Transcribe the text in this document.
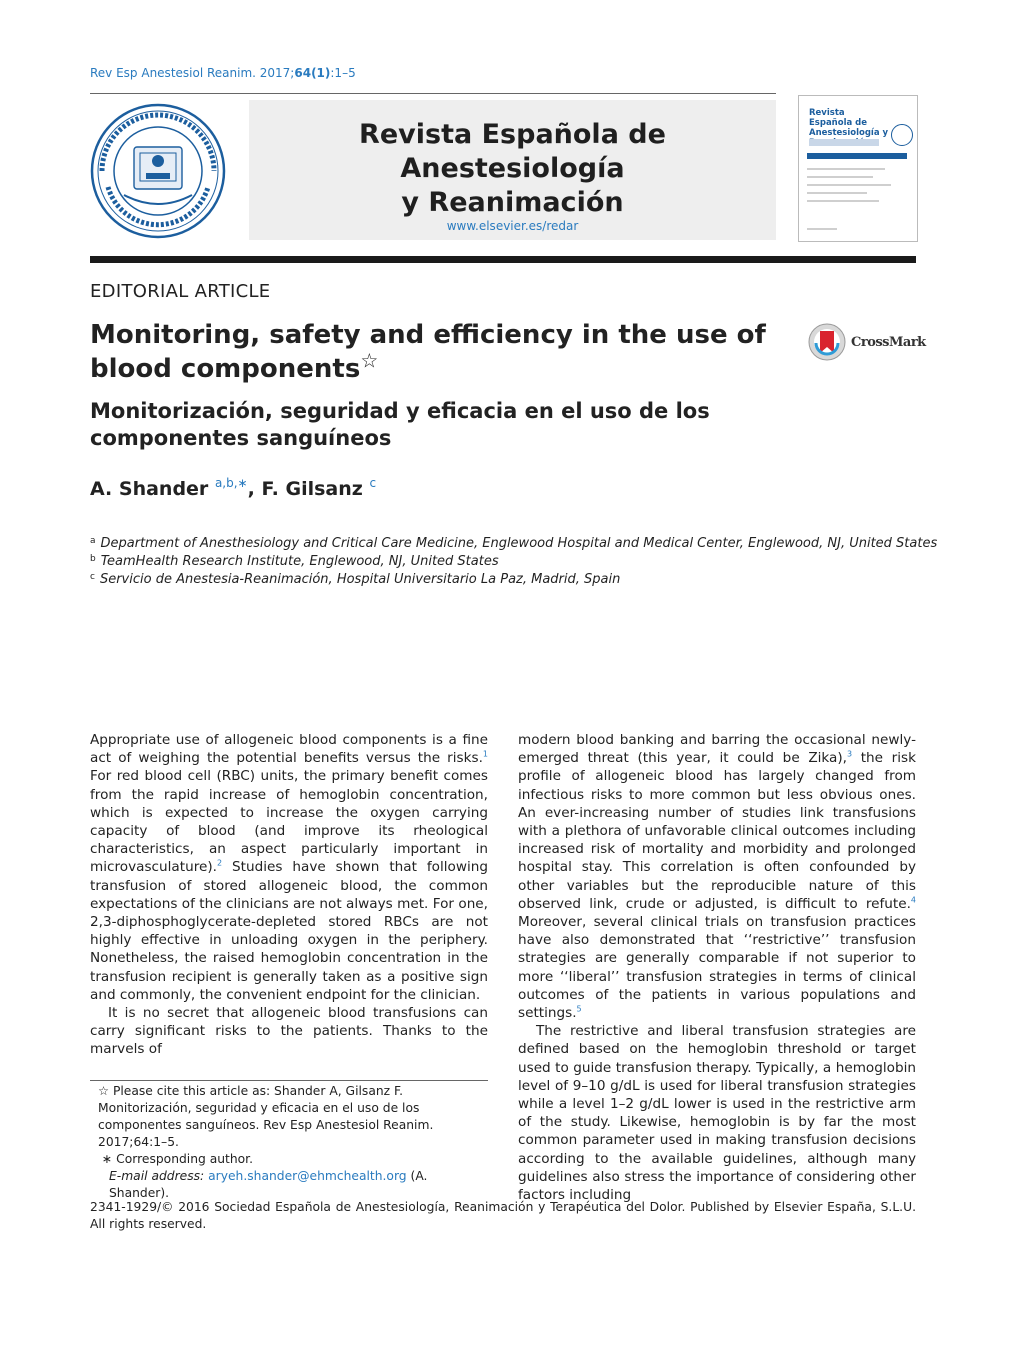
Rev Esp Anestesiol Reanim. 2017;64(1):1–5
Revista Española de Anestesiología
y Reanimación
www.elsevier.es/redar
Revista Española de Anestesiología y
EDITORIAL ARTICLE
Monitoring, safety and efficiency in the use of blood components☆
CrossMark
Monitorización, seguridad y eficacia en el uso de los componentes sanguíneos
A. Shander $^{a,b,∗}$, F. Gilsanz $^c$
$^a$ Department of Anesthesiology and Critical Care Medicine, Englewood Hospital and Medical Center, Englewood, NJ, United States
$^b$ TeamHealth Research Institute, Englewood, NJ, United States
$^c$ Servicio de Anestesia-Reanimación, Hospital Universitario La Paz, Madrid, Spain

Appropriate use of allogeneic blood components is a fine act of weighing the potential benefits versus the risks.$^1$ For red blood cell (RBC) units, the primary benefit comes from the rapid increase of hemoglobin concentration, which is expected to increase the oxygen carrying capacity of blood (and improve its rheological characteristics, an aspect particularly important in microvasculature).$^2$ Studies have shown that following transfusion of stored allogeneic blood, the common expectations of the clinicians are not always met. For one, 2,3-diphosphoglycerate-depleted stored RBCs are not highly effective in unloading oxygen in the periphery. Nonetheless, the raised hemoglobin concentration in the transfusion recipient is generally taken as a positive sign and commonly, the convenient endpoint for the clinician.

It is no secret that allogeneic blood transfusions can carry significant risks to the patients. Thanks to the marvels of

modern blood banking and barring the occasional newly-emerged threat (this year, it could be Zika),$^3$ the risk profile of allogeneic blood has largely changed from infectious risks to more common but less obvious ones. An ever-increasing number of studies link transfusions with a plethora of unfavorable clinical outcomes including increased risk of mortality and morbidity and prolonged hospital stay. This correlation is often confounded by other variables but the reproducible nature of this observed link, crude or adjusted, is difficult to refute.$^4$ Moreover, several clinical trials on transfusion practices have also demonstrated that ‘‘restrictive’’ transfusion strategies are generally comparable if not superior to more ‘‘liberal’’ transfusion strategies in terms of clinical outcomes of the patients in various populations and settings.$^5$

The restrictive and liberal transfusion strategies are defined based on the hemoglobin threshold or target used to guide transfusion therapy. Typically, a hemoglobin level of 9–10 g/dL is used for liberal transfusion strategies while a level 1–2 g/dL lower is used in the restrictive arm of the study. Likewise, hemoglobin is by far the most common parameter used in making transfusion decisions according to the available guidelines, although many guidelines also stress the importance of considering other factors including

☆ Please cite this article as: Shander A, Gilsanz F. Monitorización, seguridad y eficacia en el uso de los componentes sanguíneos. Rev Esp Anestesiol Reanim. 2017;64:1–5.

∗ Corresponding author.

E-mail address: aryeh.shander@ehmchealth.org (A. Shander).

2341-1929/© 2016 Sociedad Española de Anestesiología, Reanimación y Terapéutica del Dolor. Published by Elsevier España, S.L.U. All rights reserved.
